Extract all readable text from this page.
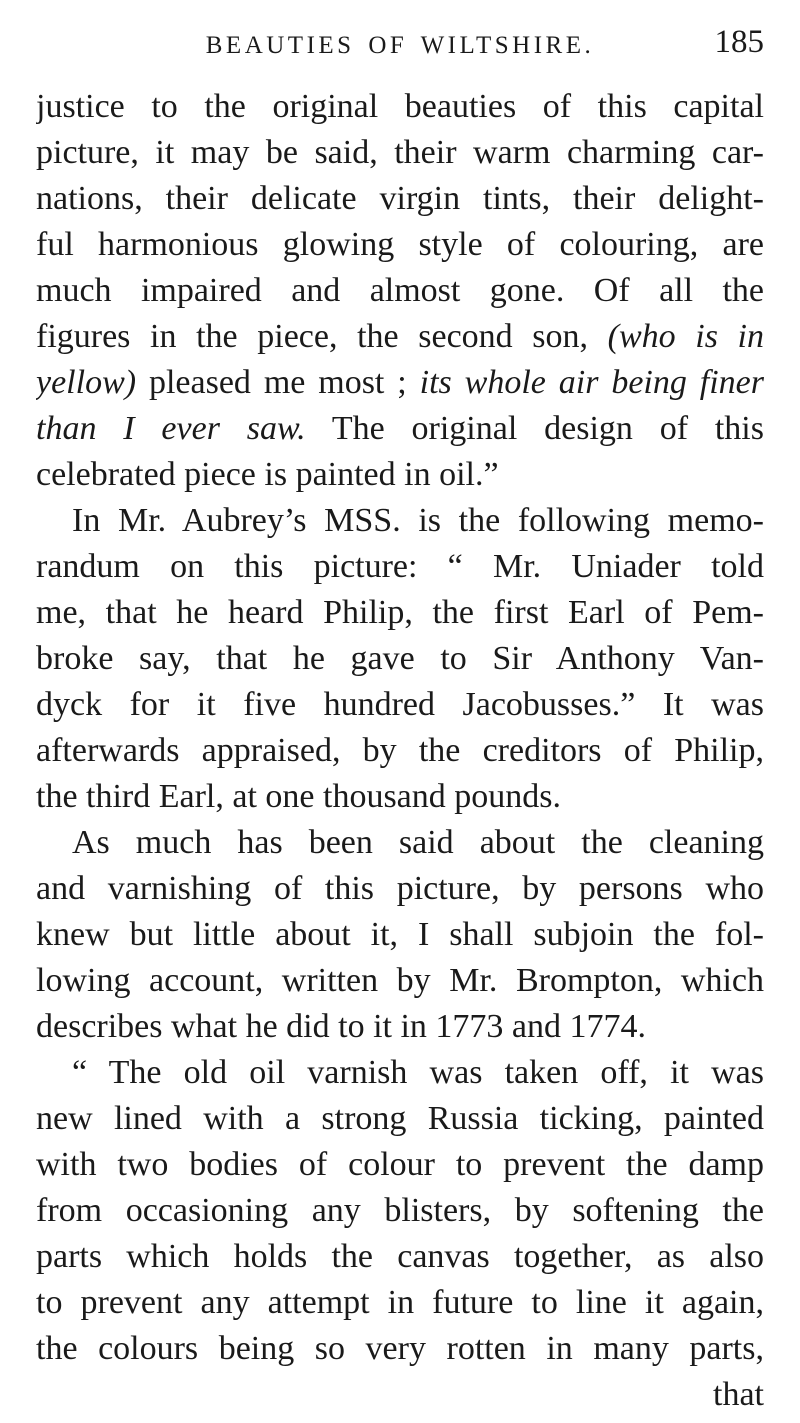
BEAUTIES OF WILTSHIRE.	185
justice to the original beauties of this capital
picture, it may be said, their warm charming car-
nations, their delicate virgin tints, their delight-
ful harmonious glowing style of colouring, are
much impaired and almost gone. Of all the
figures in the piece, the second son, (who is in
yellow) pleased me most ; its whole air being finer
than I ever saw. The original design of this
celebrated piece is painted in oil.”
In Mr. Aubrey’s MSS. is the following memo-
randum on this picture: “ Mr. Uniader told
me, that he heard Philip, the first Earl of Pem-
broke say, that he gave to Sir Anthony Van-
dyck for it five hundred Jacobusses.” It was
afterwards appraised, by the creditors of Philip,
the third Earl, at one thousand pounds.
As much has been said about the cleaning
and varnishing of this picture, by persons who
knew but little about it, I shall subjoin the fol-
lowing account, written by Mr. Brompton, which
describes what he did to it in 1773 and 1774.
“ The old oil varnish was taken off, it was
new lined with a strong Russia ticking, painted
with two bodies of colour to prevent the damp
from occasioning any blisters, by softening the
parts which holds the canvas together, as also
to prevent any attempt in future to line it again,
the colours being so very rotten in many parts,
that
